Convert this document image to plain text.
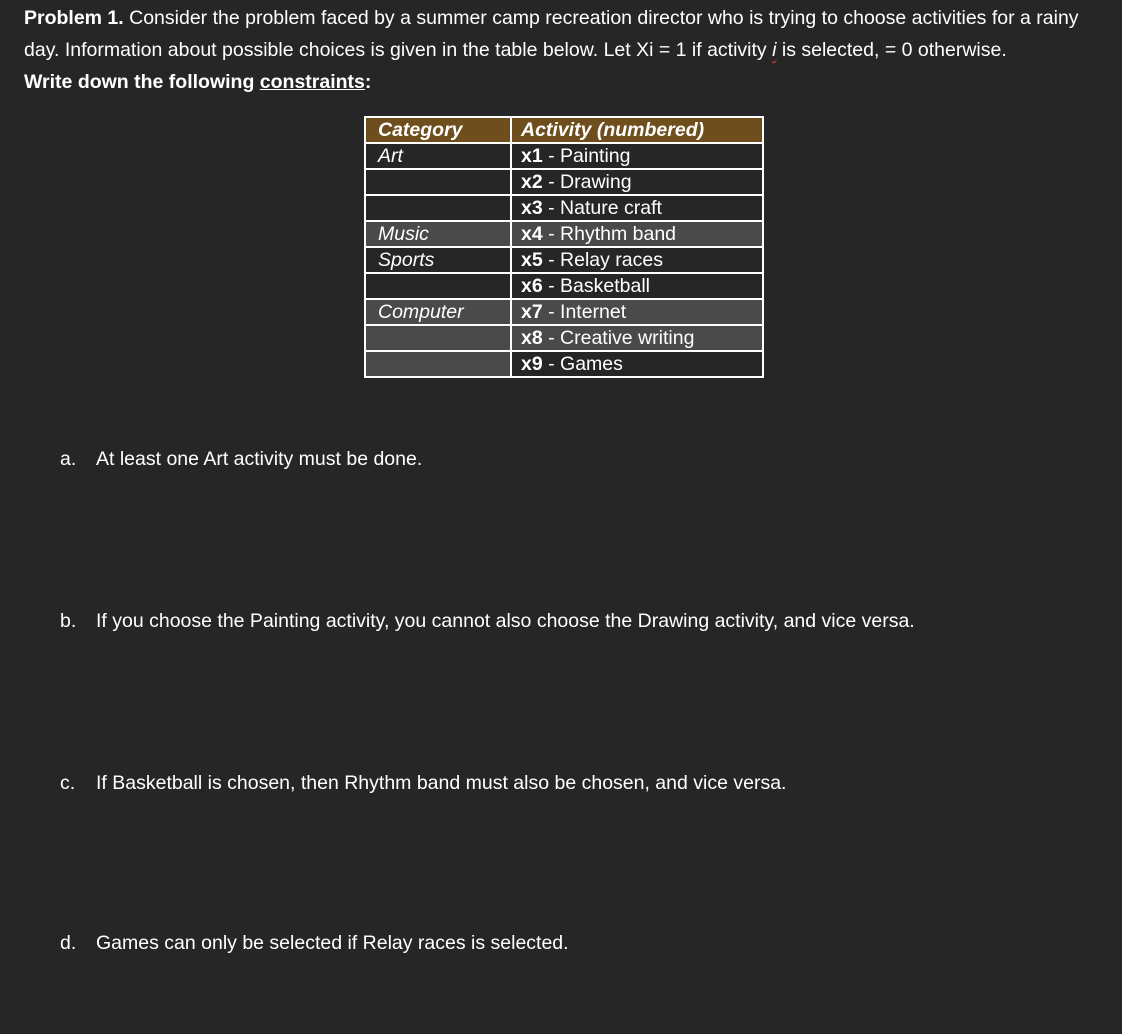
Problem 1. Consider the problem faced by a summer camp recreation director who is trying to choose activities for a rainy day. Information about possible choices is given in the table below. Let Xi = 1 if activity i is selected, = 0 otherwise.
Write down the following constraints:
Category	Activity (numbered)
Art	x1 - Painting
	x2 - Drawing
	x3 - Nature craft
Music	x4 - Rhythm band
Sports	x5 - Relay races
	x6 - Basketball
Computer	x7 - Internet
	x8 - Creative writing
	x9 - Games
a. At least one Art activity must be done.
b. If you choose the Painting activity, you cannot also choose the Drawing activity, and vice versa.
c. If Basketball is chosen, then Rhythm band must also be chosen, and vice versa.
d. Games can only be selected if Relay races is selected.
